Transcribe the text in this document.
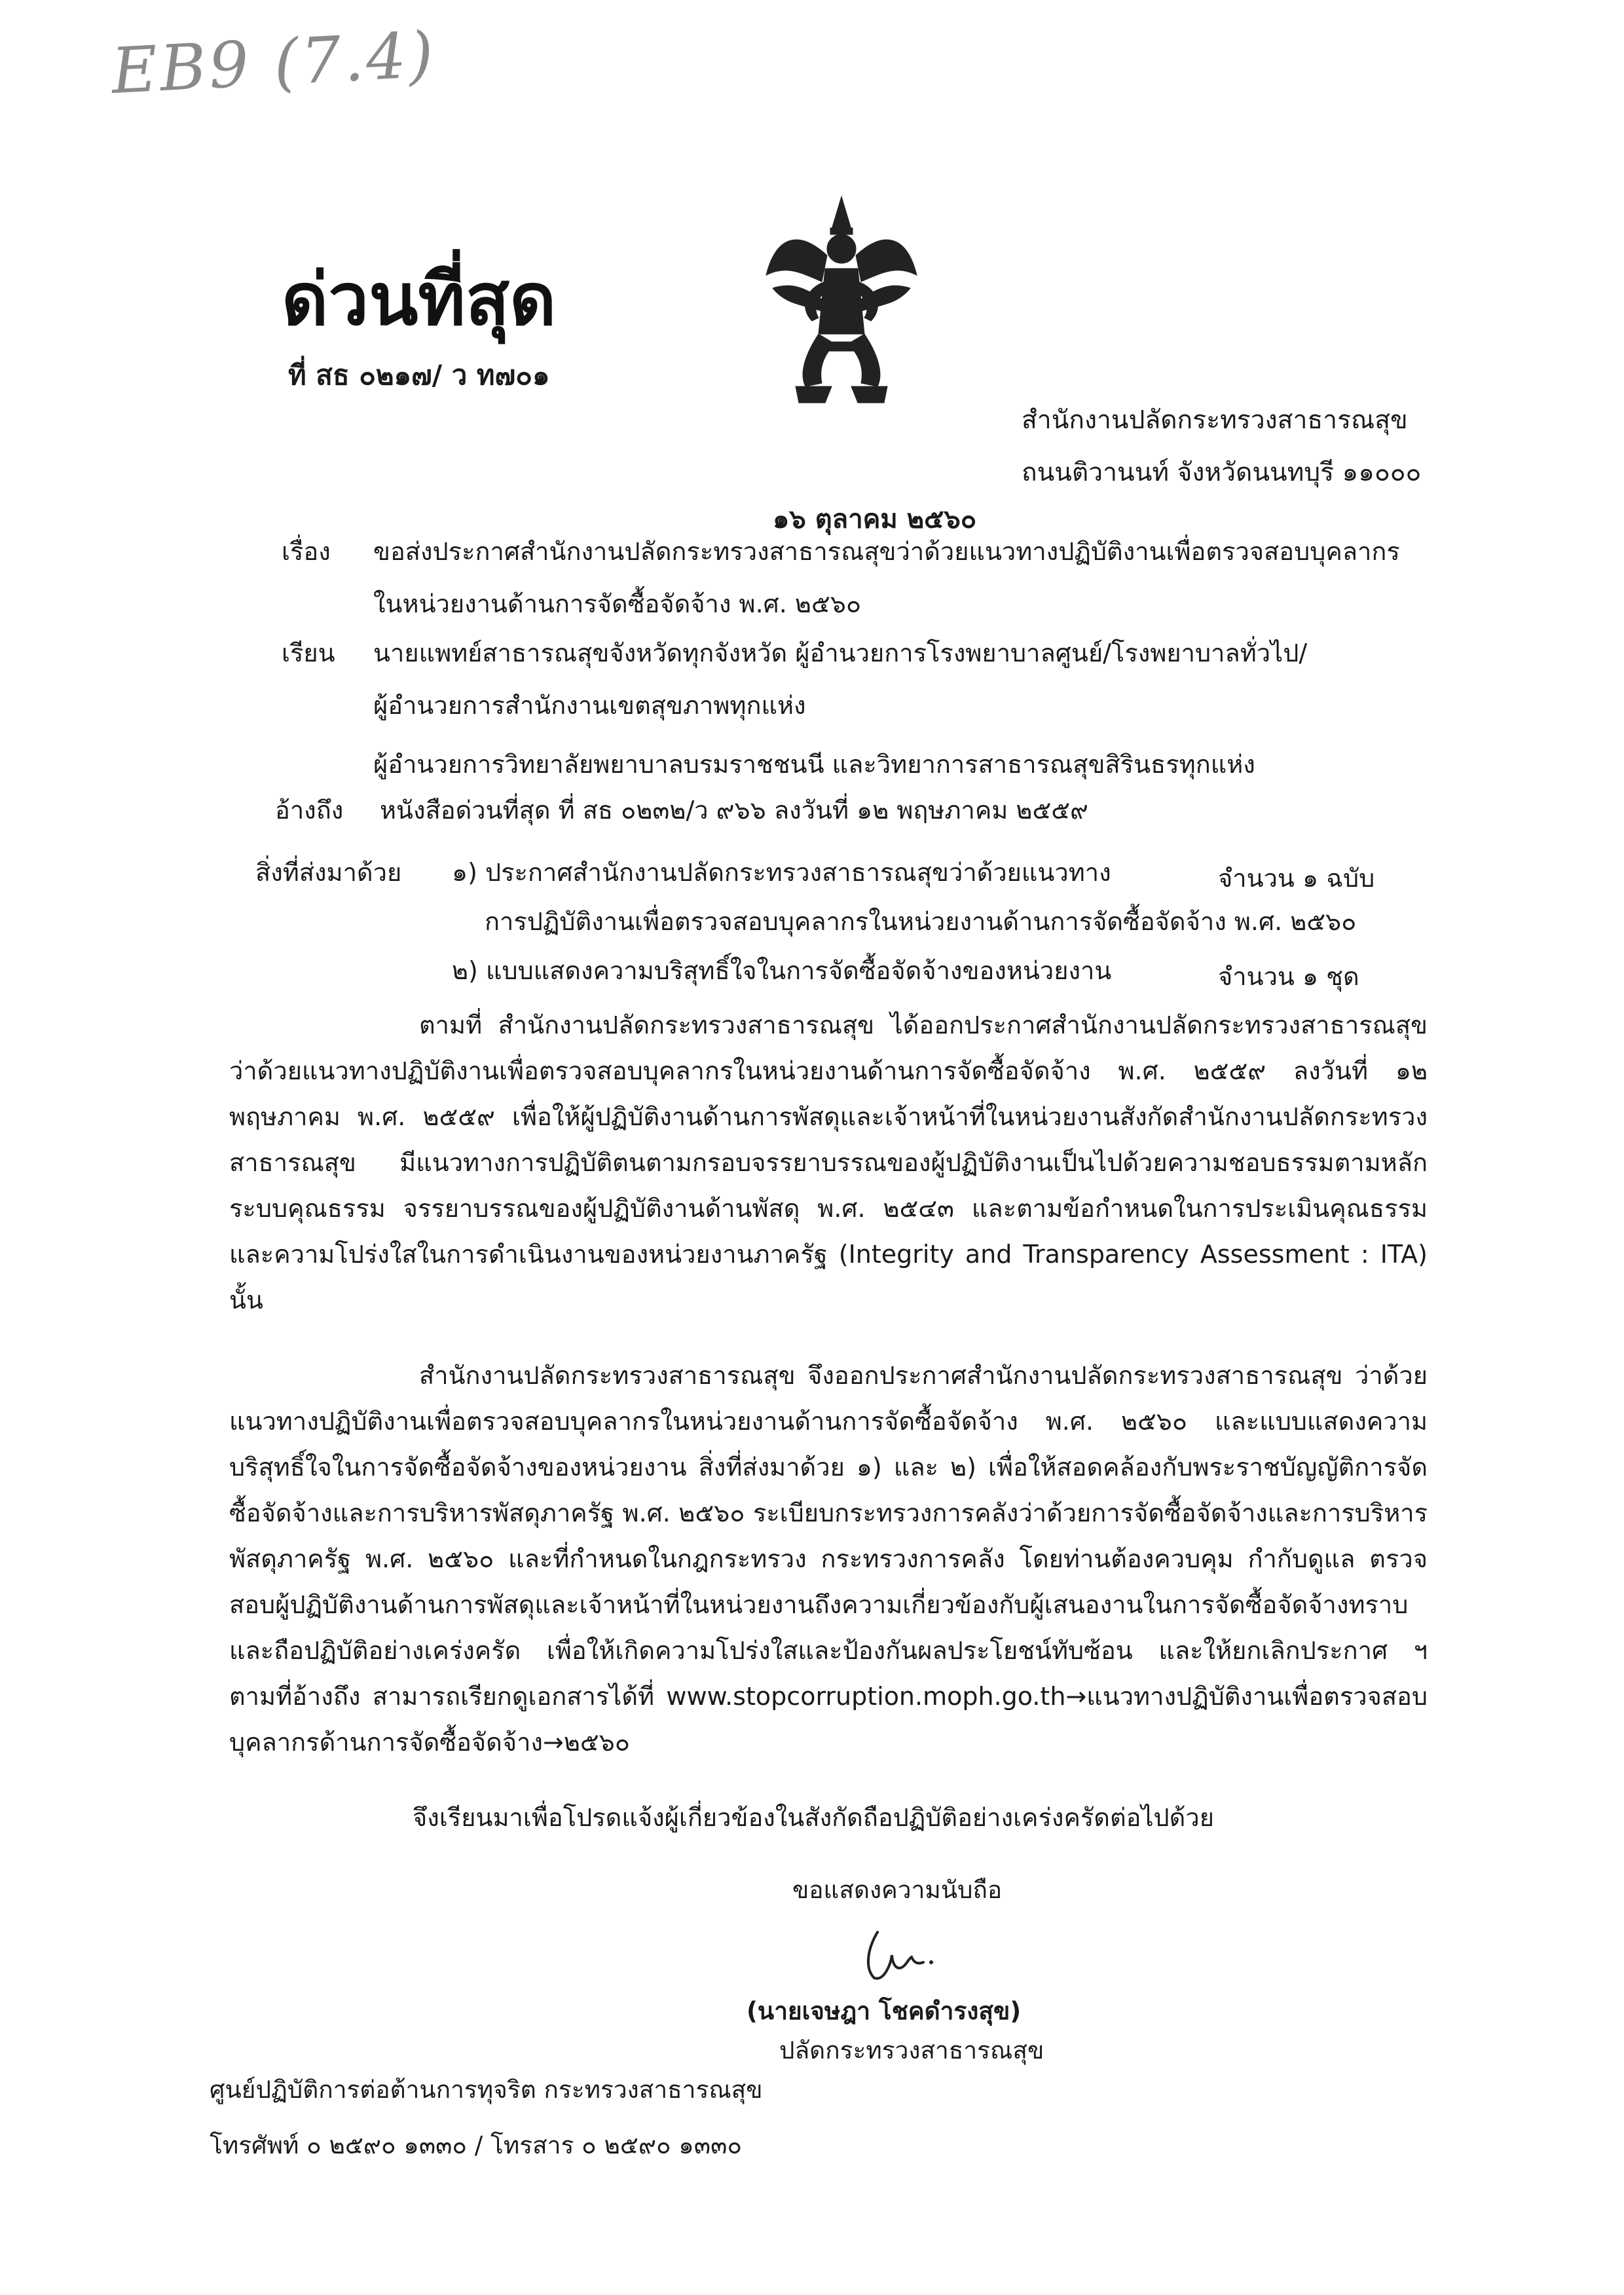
EB9 (7.4)
ด่วนที่สุด
ที่ สธ ๐๒๑๗/ ว ท๗๐๑
สำนักงานปลัดกระทรวงสาธารณสุข
ถนนติวานนท์ จังหวัดนนทบุรี ๑๑๐๐๐
๑๖ ตุลาคม ๒๕๖๐
เรื่อง ขอส่งประกาศสำนักงานปลัดกระทรวงสาธารณสุขว่าด้วยแนวทางปฏิบัติงานเพื่อตรวจสอบบุคลากร
ในหน่วยงานด้านการจัดซื้อจัดจ้าง พ.ศ. ๒๕๖๐
เรียน นายแพทย์สาธารณสุขจังหวัดทุกจังหวัด ผู้อำนวยการโรงพยาบาลศูนย์/โรงพยาบาลทั่วไป/
ผู้อำนวยการสำนักงานเขตสุขภาพทุกแห่ง
ผู้อำนวยการวิทยาลัยพยาบาลบรมราชชนนี และวิทยาการสาธารณสุขสิรินธรทุกแห่ง
อ้างถึง หนังสือด่วนที่สุด ที่ สธ ๐๒๓๒/ว ๙๖๖ ลงวันที่ ๑๒ พฤษภาคม ๒๕๕๙
สิ่งที่ส่งมาด้วย ๑) ประกาศสำนักงานปลัดกระทรวงสาธารณสุขว่าด้วยแนวทาง	จำนวน ๑ ฉบับ
การปฏิบัติงานเพื่อตรวจสอบบุคลากรในหน่วยงานด้านการจัดซื้อจัดจ้าง พ.ศ. ๒๕๖๐
๒) แบบแสดงความบริสุทธิ์ใจในการจัดซื้อจัดจ้างของหน่วยงาน	จำนวน ๑ ชุด
ตามที่ สำนักงานปลัดกระทรวงสาธารณสุข ได้ออกประกาศสำนักงานปลัดกระทรวงสาธารณสุข ว่าด้วยแนวทางปฏิบัติงานเพื่อตรวจสอบบุคลากรในหน่วยงานด้านการจัดซื้อจัดจ้าง พ.ศ. ๒๕๕๙ ลงวันที่ ๑๒ พฤษภาคม พ.ศ. ๒๕๕๙ เพื่อให้ผู้ปฏิบัติงานด้านการพัสดุและเจ้าหน้าที่ในหน่วยงานสังกัดสำนักงานปลัดกระทรวงสาธารณสุข มีแนวทางการปฏิบัติตนตามกรอบจรรยาบรรณของผู้ปฏิบัติงานเป็นไปด้วยความชอบธรรมตามหลักระบบคุณธรรม จรรยาบรรณของผู้ปฏิบัติงานด้านพัสดุ พ.ศ. ๒๕๔๓ และตามข้อกำหนดในการประเมินคุณธรรมและความโปร่งใสในการดำเนินงานของหน่วยงานภาครัฐ (Integrity and Transparency Assessment : ITA) นั้น
สำนักงานปลัดกระทรวงสาธารณสุข จึงออกประกาศสำนักงานปลัดกระทรวงสาธารณสุข ว่าด้วยแนวทางปฏิบัติงานเพื่อตรวจสอบบุคลากรในหน่วยงานด้านการจัดซื้อจัดจ้าง พ.ศ. ๒๕๖๐ และแบบแสดงความบริสุทธิ์ใจในการจัดซื้อจัดจ้างของหน่วยงาน สิ่งที่ส่งมาด้วย ๑) และ ๒) เพื่อให้สอดคล้องกับพระราชบัญญัติการจัดซื้อจัดจ้างและการบริหารพัสดุภาครัฐ พ.ศ. ๒๕๖๐ ระเบียบกระทรวงการคลังว่าด้วยการจัดซื้อจัดจ้างและการบริหารพัสดุภาครัฐ พ.ศ. ๒๕๖๐ และที่กำหนดในกฎกระทรวง กระทรวงการคลัง โดยท่านต้องควบคุม กำกับดูแล ตรวจสอบผู้ปฏิบัติงานด้านการพัสดุและเจ้าหน้าที่ในหน่วยงานถึงความเกี่ยวข้องกับผู้เสนองานในการจัดซื้อจัดจ้างทราบและถือปฏิบัติอย่างเคร่งครัด เพื่อให้เกิดความโปร่งใสและป้องกันผลประโยชน์ทับซ้อน และให้ยกเลิกประกาศ ฯ ตามที่อ้างถึง สามารถเรียกดูเอกสารได้ที่ www.stopcorruption.moph.go.th→แนวทางปฏิบัติงานเพื่อตรวจสอบบุคลากรด้านการจัดซื้อจัดจ้าง→๒๕๖๐
จึงเรียนมาเพื่อโปรดแจ้งผู้เกี่ยวข้องในสังกัดถือปฏิบัติอย่างเคร่งครัดต่อไปด้วย
ขอแสดงความนับถือ
(นายเจษฎา โชคดำรงสุข)
ปลัดกระทรวงสาธารณสุข
ศูนย์ปฏิบัติการต่อต้านการทุจริต กระทรวงสาธารณสุข
โทรศัพท์ ๐ ๒๕๙๐ ๑๓๓๐ / โทรสาร ๐ ๒๕๙๐ ๑๓๓๐
